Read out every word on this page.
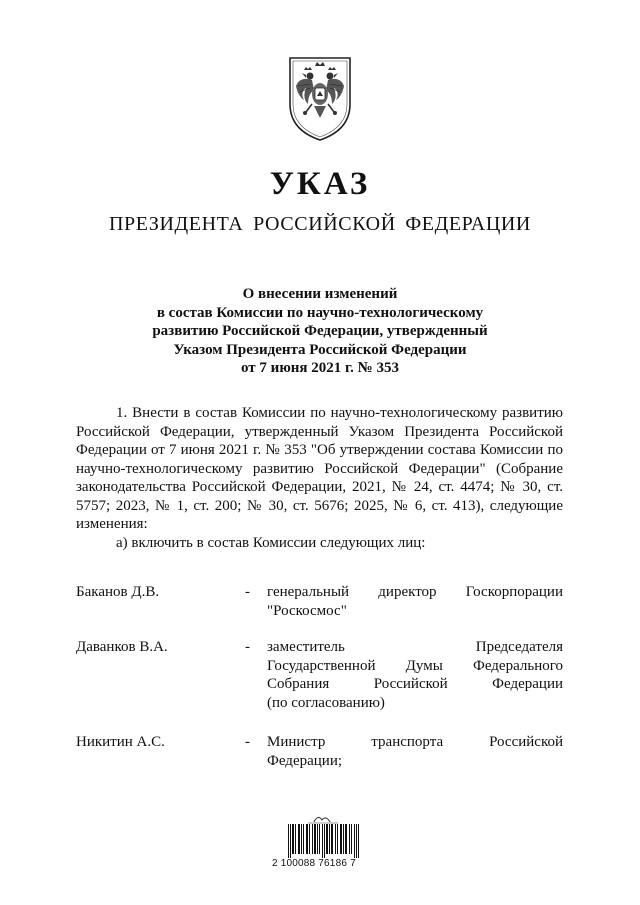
УКАЗ
ПРЕЗИДЕНТА РОССИЙСКОЙ ФЕДЕРАЦИИ
О внесении изменений
в состав Комиссии по научно-технологическому
развитию Российской Федерации, утвержденный
Указом Президента Российской Федерации
от 7 июня 2021 г. № 353

1. Внести в состав Комиссии по научно-технологическому развитию Российской Федерации, утвержденный Указом Президента Российской Федерации от 7 июня 2021 г. № 353 "Об утверждении состава Комиссии по научно-технологическому развитию Российской Федерации" (Собрание законодательства Российской Федерации, 2021, № 24, ст. 4474; № 30, ст. 5757; 2023, № 1, ст. 200; № 30, ст. 5676; 2025, № 6, ст. 413), следующие изменения:

а) включить в состав Комиссии следующих лиц:

Баканов Д.В.	- генеральный директор Госкорпорации
"Роскосмос"
Даванков В.А.	- заместитель Председателя
Государственной Думы Федерального
Собрания Российской Федерации
(по согласованию)
Никитин А.С.	- Министр транспорта Российской
Федерации;
2 100088 76186 7
